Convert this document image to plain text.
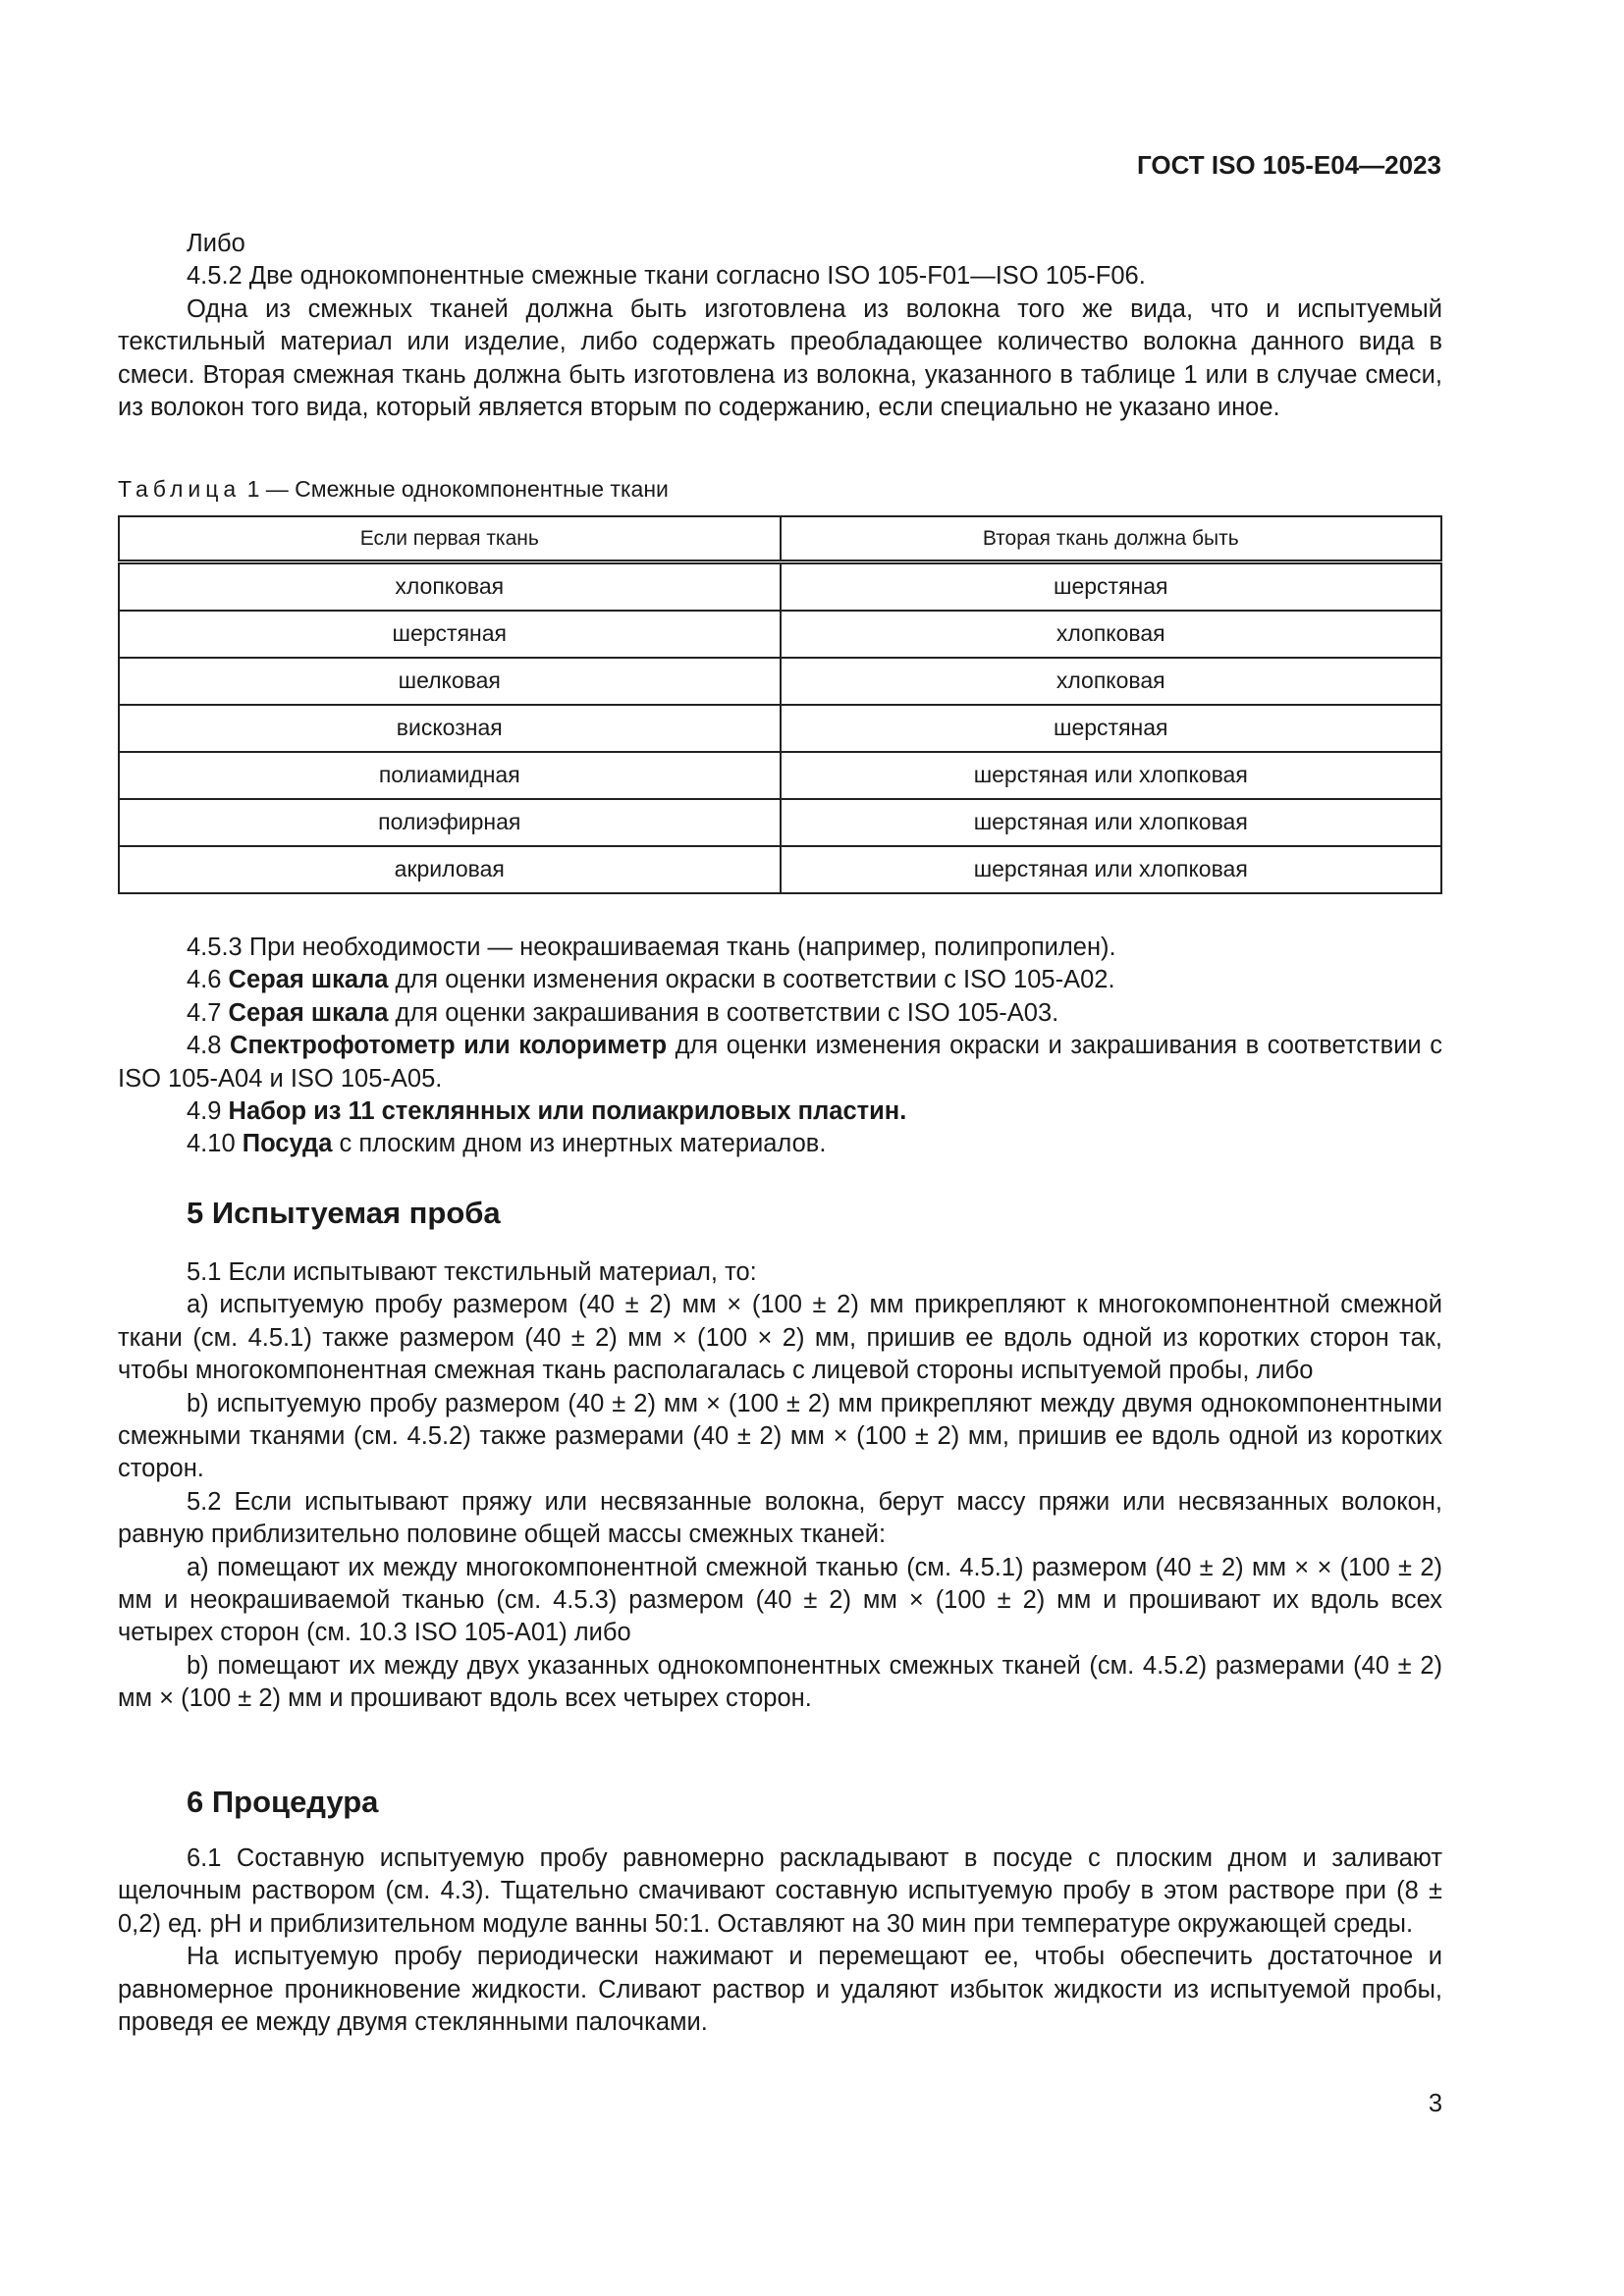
ГОСТ ISO 105-E04—2023

Либо

4.5.2 Две однокомпонентные смежные ткани согласно ISO 105-F01—ISO 105-F06.

Одна из смежных тканей должна быть изготовлена из волокна того же вида, что и испытуемый текстильный материал или изделие, либо содержать преобладающее количество волокна данного вида в смеси. Вторая смежная ткань должна быть изготовлена из волокна, указанного в таблице 1 или в случае смеси, из волокон того вида, который является вторым по содержанию, если специально не указано иное.

Таблица 1 — Смежные однокомпонентные ткани
Если первая ткань	Вторая ткань должна быть
хлопковая	шерстяная
шерстяная	хлопковая
шелковая	хлопковая
вискозная	шерстяная
полиамидная	шерстяная или хлопковая
полиэфирная	шерстяная или хлопковая
акриловая	шерстяная или хлопковая

4.5.3 При необходимости — неокрашиваемая ткань (например, полипропилен).

4.6 Серая шкала для оценки изменения окраски в соответствии с ISO 105-A02.

4.7 Серая шкала для оценки закрашивания в соответствии с ISO 105-A03.

4.8 Спектрофотометр или колориметр для оценки изменения окраски и закрашивания в соответствии с ISO 105-A04 и ISO 105-A05.

4.9 Набор из 11 стеклянных или полиакриловых пластин.

4.10 Посуда с плоским дном из инертных материалов.

5 Испытуемая проба

5.1 Если испытывают текстильный материал, то:

a) испытуемую пробу размером (40 ± 2) мм × (100 ± 2) мм прикрепляют к многокомпонентной смежной ткани (см. 4.5.1) также размером (40 ± 2) мм × (100 × 2) мм, пришив ее вдоль одной из коротких сторон так, чтобы многокомпонентная смежная ткань располагалась с лицевой стороны испытуемой пробы, либо

b) испытуемую пробу размером (40 ± 2) мм × (100 ± 2) мм прикрепляют между двумя однокомпонентными смежными тканями (см. 4.5.2) также размерами (40 ± 2) мм × (100 ± 2) мм, пришив ее вдоль одной из коротких сторон.

5.2 Если испытывают пряжу или несвязанные волокна, берут массу пряжи или несвязанных волокон, равную приблизительно половине общей массы смежных тканей:

a) помещают их между многокомпонентной смежной тканью (см. 4.5.1) размером (40 ± 2) мм × × (100 ± 2) мм и неокрашиваемой тканью (см. 4.5.3) размером (40 ± 2) мм × (100 ± 2) мм и прошивают их вдоль всех четырех сторон (см. 10.3 ISO 105-A01) либо

b) помещают их между двух указанных однокомпонентных смежных тканей (см. 4.5.2) размерами (40 ± 2) мм × (100 ± 2) мм и прошивают вдоль всех четырех сторон.

6 Процедура

6.1 Составную испытуемую пробу равномерно раскладывают в посуде с плоским дном и заливают щелочным раствором (см. 4.3). Тщательно смачивают составную испытуемую пробу в этом растворе при (8 ± 0,2) ед. pH и приблизительном модуле ванны 50:1. Оставляют на 30 мин при температуре окружающей среды.

На испытуемую пробу периодически нажимают и перемещают ее, чтобы обеспечить достаточное и равномерное проникновение жидкости. Сливают раствор и удаляют избыток жидкости из испытуемой пробы, проведя ее между двумя стеклянными палочками.

3
